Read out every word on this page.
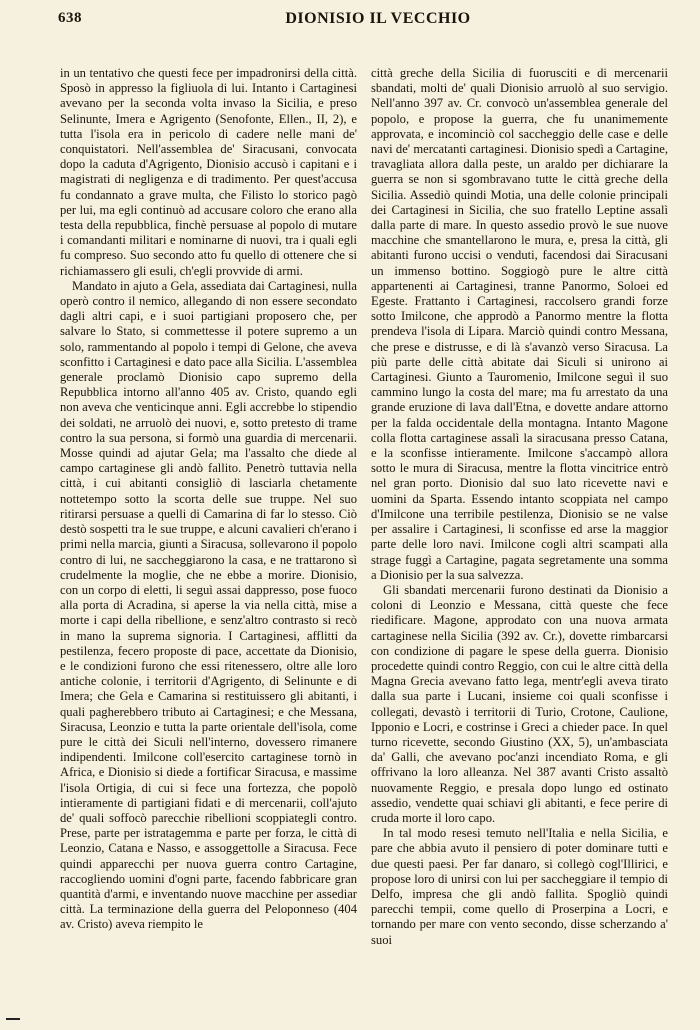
638	DIONISIO IL VECCHIO

in un tentativo che questi fece per impadronirsi della città. Sposò in appresso la figliuola di lui. Intanto i Cartaginesi avevano per la seconda volta invaso la Sicilia, e preso Selinunte, Imera e Agrigento (Senofonte, Ellen., II, 2), e tutta l'isola era in pericolo di cadere nelle mani de' conquistatori. Nell'assemblea de' Siracusani, convocata dopo la caduta d'Agrigento, Dionisio accusò i capitani e i magistrati di negligenza e di tradimento. Per quest'accusa fu condannato a grave multa, che Filisto lo storico pagò per lui, ma egli continuò ad accusare coloro che erano alla testa della repubblica, finchè persuase al popolo di mutare i comandanti militari e nominarne di nuovi, tra i quali egli fu compreso. Suo secondo atto fu quello di ottenere che si richiamassero gli esuli, ch'egli provvide di armi.

Mandato in ajuto a Gela, assediata dai Cartaginesi, nulla operò contro il nemico, allegando di non essere secondato dagli altri capi, e i suoi partigiani proposero che, per salvare lo Stato, si commettesse il potere supremo a un solo, rammentando al popolo i tempi di Gelone, che aveva sconfitto i Cartaginesi e dato pace alla Sicilia. L'assemblea generale proclamò Dionisio capo supremo della Repubblica intorno all'anno 405 av. Cristo, quando egli non aveva che venticinque anni. Egli accrebbe lo stipendio dei soldati, ne arruolò dei nuovi, e, sotto pretesto di trame contro la sua persona, si formò una guardia di mercenarii. Mosse quindi ad ajutar Gela; ma l'assalto che diede al campo cartaginese gli andò fallito. Penetrò tuttavia nella città, i cui abitanti consigliò di lasciarla chetamente nottetempo sotto la scorta delle sue truppe. Nel suo ritirarsi persuase a quelli di Camarina di far lo stesso. Ciò destò sospetti tra le sue truppe, e alcuni cavalieri ch'erano i primi nella marcia, giunti a Siracusa, sollevarono il popolo contro di lui, ne saccheggiarono la casa, e ne trattarono sì crudelmente la moglie, che ne ebbe a morire. Dionisio, con un corpo di eletti, li seguì assai dappresso, pose fuoco alla porta di Acradina, si aperse la via nella città, mise a morte i capi della ribellione, e senz'altro contrasto si recò in mano la suprema signoria. I Cartaginesi, afflitti da pestilenza, fecero proposte di pace, accettate da Dionisio, e le condizioni furono che essi ritenessero, oltre alle loro antiche colonie, i territorii d'Agrigento, di Selinunte e di Imera; che Gela e Camarina si restituissero gli abitanti, i quali pagherebbero tributo ai Cartaginesi; e che Messana, Siracusa, Leonzio e tutta la parte orientale dell'isola, come pure le città dei Siculi nell'interno, dovessero rimanere indipendenti. Imilcone coll'esercito cartaginese tornò in Africa, e Dionisio si diede a fortificar Siracusa, e massime l'isola Ortigia, di cui si fece una fortezza, che popolò intieramente di partigiani fidati e di mercenarii, coll'ajuto de' quali soffocò parecchie ribellioni scoppiategli contro. Prese, parte per istratagemma e parte per forza, le città di Leonzio, Catana e Nasso, e assoggettolle a Siracusa. Fece quindi apparecchi per nuova guerra contro Cartagine, raccogliendo uomini d'ogni parte, facendo fabbricare gran quantità d'armi, e inventando nuove macchine per assediar città. La terminazione della guerra del Peloponneso (404 av. Cristo) aveva riempito le

città greche della Sicilia di fuorusciti e di mercenarii sbandati, molti de' quali Dionisio arruolò al suo servigio. Nell'anno 397 av. Cr. convocò un'assemblea generale del popolo, e propose la guerra, che fu unanimemente approvata, e incominciò col saccheggio delle case e delle navi de' mercatanti cartaginesi. Dionisio spedì a Cartagine, travagliata allora dalla peste, un araldo per dichiarare la guerra se non si sgombravano tutte le città greche della Sicilia. Assediò quindi Motia, una delle colonie principali dei Cartaginesi in Sicilia, che suo fratello Leptine assalì dalla parte di mare. In questo assedio provò le sue nuove macchine che smantellarono le mura, e, presa la città, gli abitanti furono uccisi o venduti, facendosi dai Siracusani un immenso bottino. Soggiogò pure le altre città appartenenti ai Cartaginesi, tranne Panormo, Soloei ed Egeste. Frattanto i Cartaginesi, raccolsero grandi forze sotto Imilcone, che approdò a Panormo mentre la flotta prendeva l'isola di Lipara. Marciò quindi contro Messana, che prese e distrusse, e di là s'avanzò verso Siracusa. La più parte delle città abitate dai Siculi si unirono ai Cartaginesi. Giunto a Tauromenio, Imilcone seguì il suo cammino lungo la costa del mare; ma fu arrestato da una grande eruzione di lava dall'Etna, e dovette andare attorno per la falda occidentale della montagna. Intanto Magone colla flotta cartaginese assalì la siracusana presso Catana, e la sconfisse intieramente. Imilcone s'accampò allora sotto le mura di Siracusa, mentre la flotta vincitrice entrò nel gran porto. Dionisio dal suo lato ricevette navi e uomini da Sparta. Essendo intanto scoppiata nel campo d'Imilcone una terribile pestilenza, Dionisio se ne valse per assalire i Cartaginesi, li sconfisse ed arse la maggior parte delle loro navi. Imilcone cogli altri scampati alla strage fuggì a Cartagine, pagata segretamente una somma a Dionisio per la sua salvezza.

Gli sbandati mercenarii furono destinati da Dionisio a coloni di Leonzio e Messana, città queste che fece riedificare. Magone, approdato con una nuova armata cartaginese nella Sicilia (392 av. Cr.), dovette rimbarcarsi con condizione di pagare le spese della guerra. Dionisio procedette quindi contro Reggio, con cui le altre città della Magna Grecia avevano fatto lega, mentr'egli aveva tirato dalla sua parte i Lucani, insieme coi quali sconfisse i collegati, devastò i territorii di Turio, Crotone, Caulione, Ipponio e Locri, e costrinse i Greci a chieder pace. In quel turno ricevette, secondo Giustino (XX, 5), un'ambasciata da' Galli, che avevano poc'anzi incendiato Roma, e gli offrivano la loro alleanza. Nel 387 avanti Cristo assaltò nuovamente Reggio, e presala dopo lungo ed ostinato assedio, vendette quai schiavi gli abitanti, e fece perire di cruda morte il loro capo.

In tal modo resesi temuto nell'Italia e nella Sicilia, e pare che abbia avuto il pensiero di poter dominare tutti e due questi paesi. Per far danaro, si collegò cogl'Illirici, e propose loro di unirsi con lui per saccheggiare il tempio di Delfo, impresa che gli andò fallita. Spogliò quindi parecchi tempii, come quello di Proserpina a Locri, e tornando per mare con vento secondo, disse scherzando a' suoi
